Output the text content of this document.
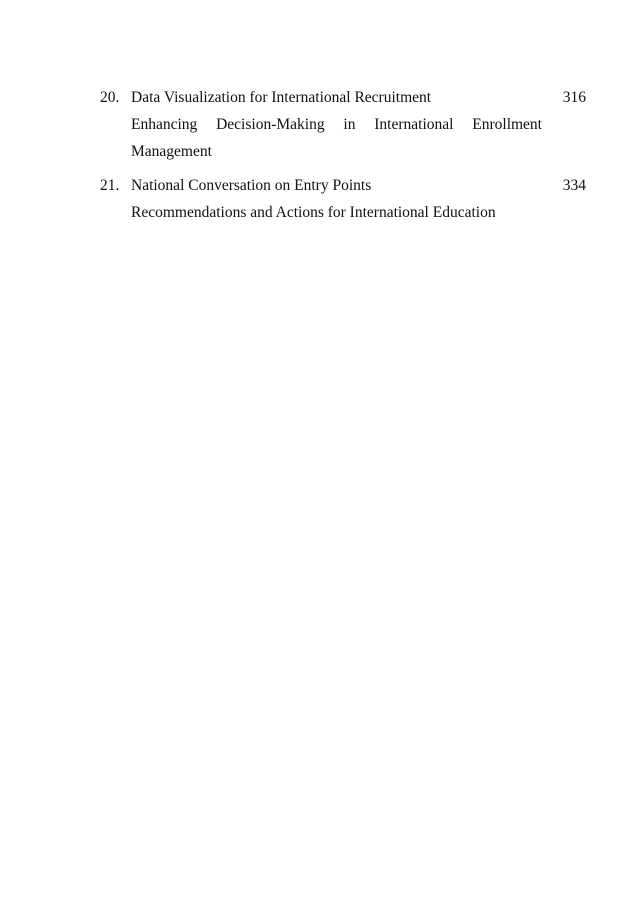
20. Data Visualization for International Recruitment
Enhancing Decision-Making in International Enrollment Management
316
21. National Conversation on Entry Points
Recommendations and Actions for International Education
334
